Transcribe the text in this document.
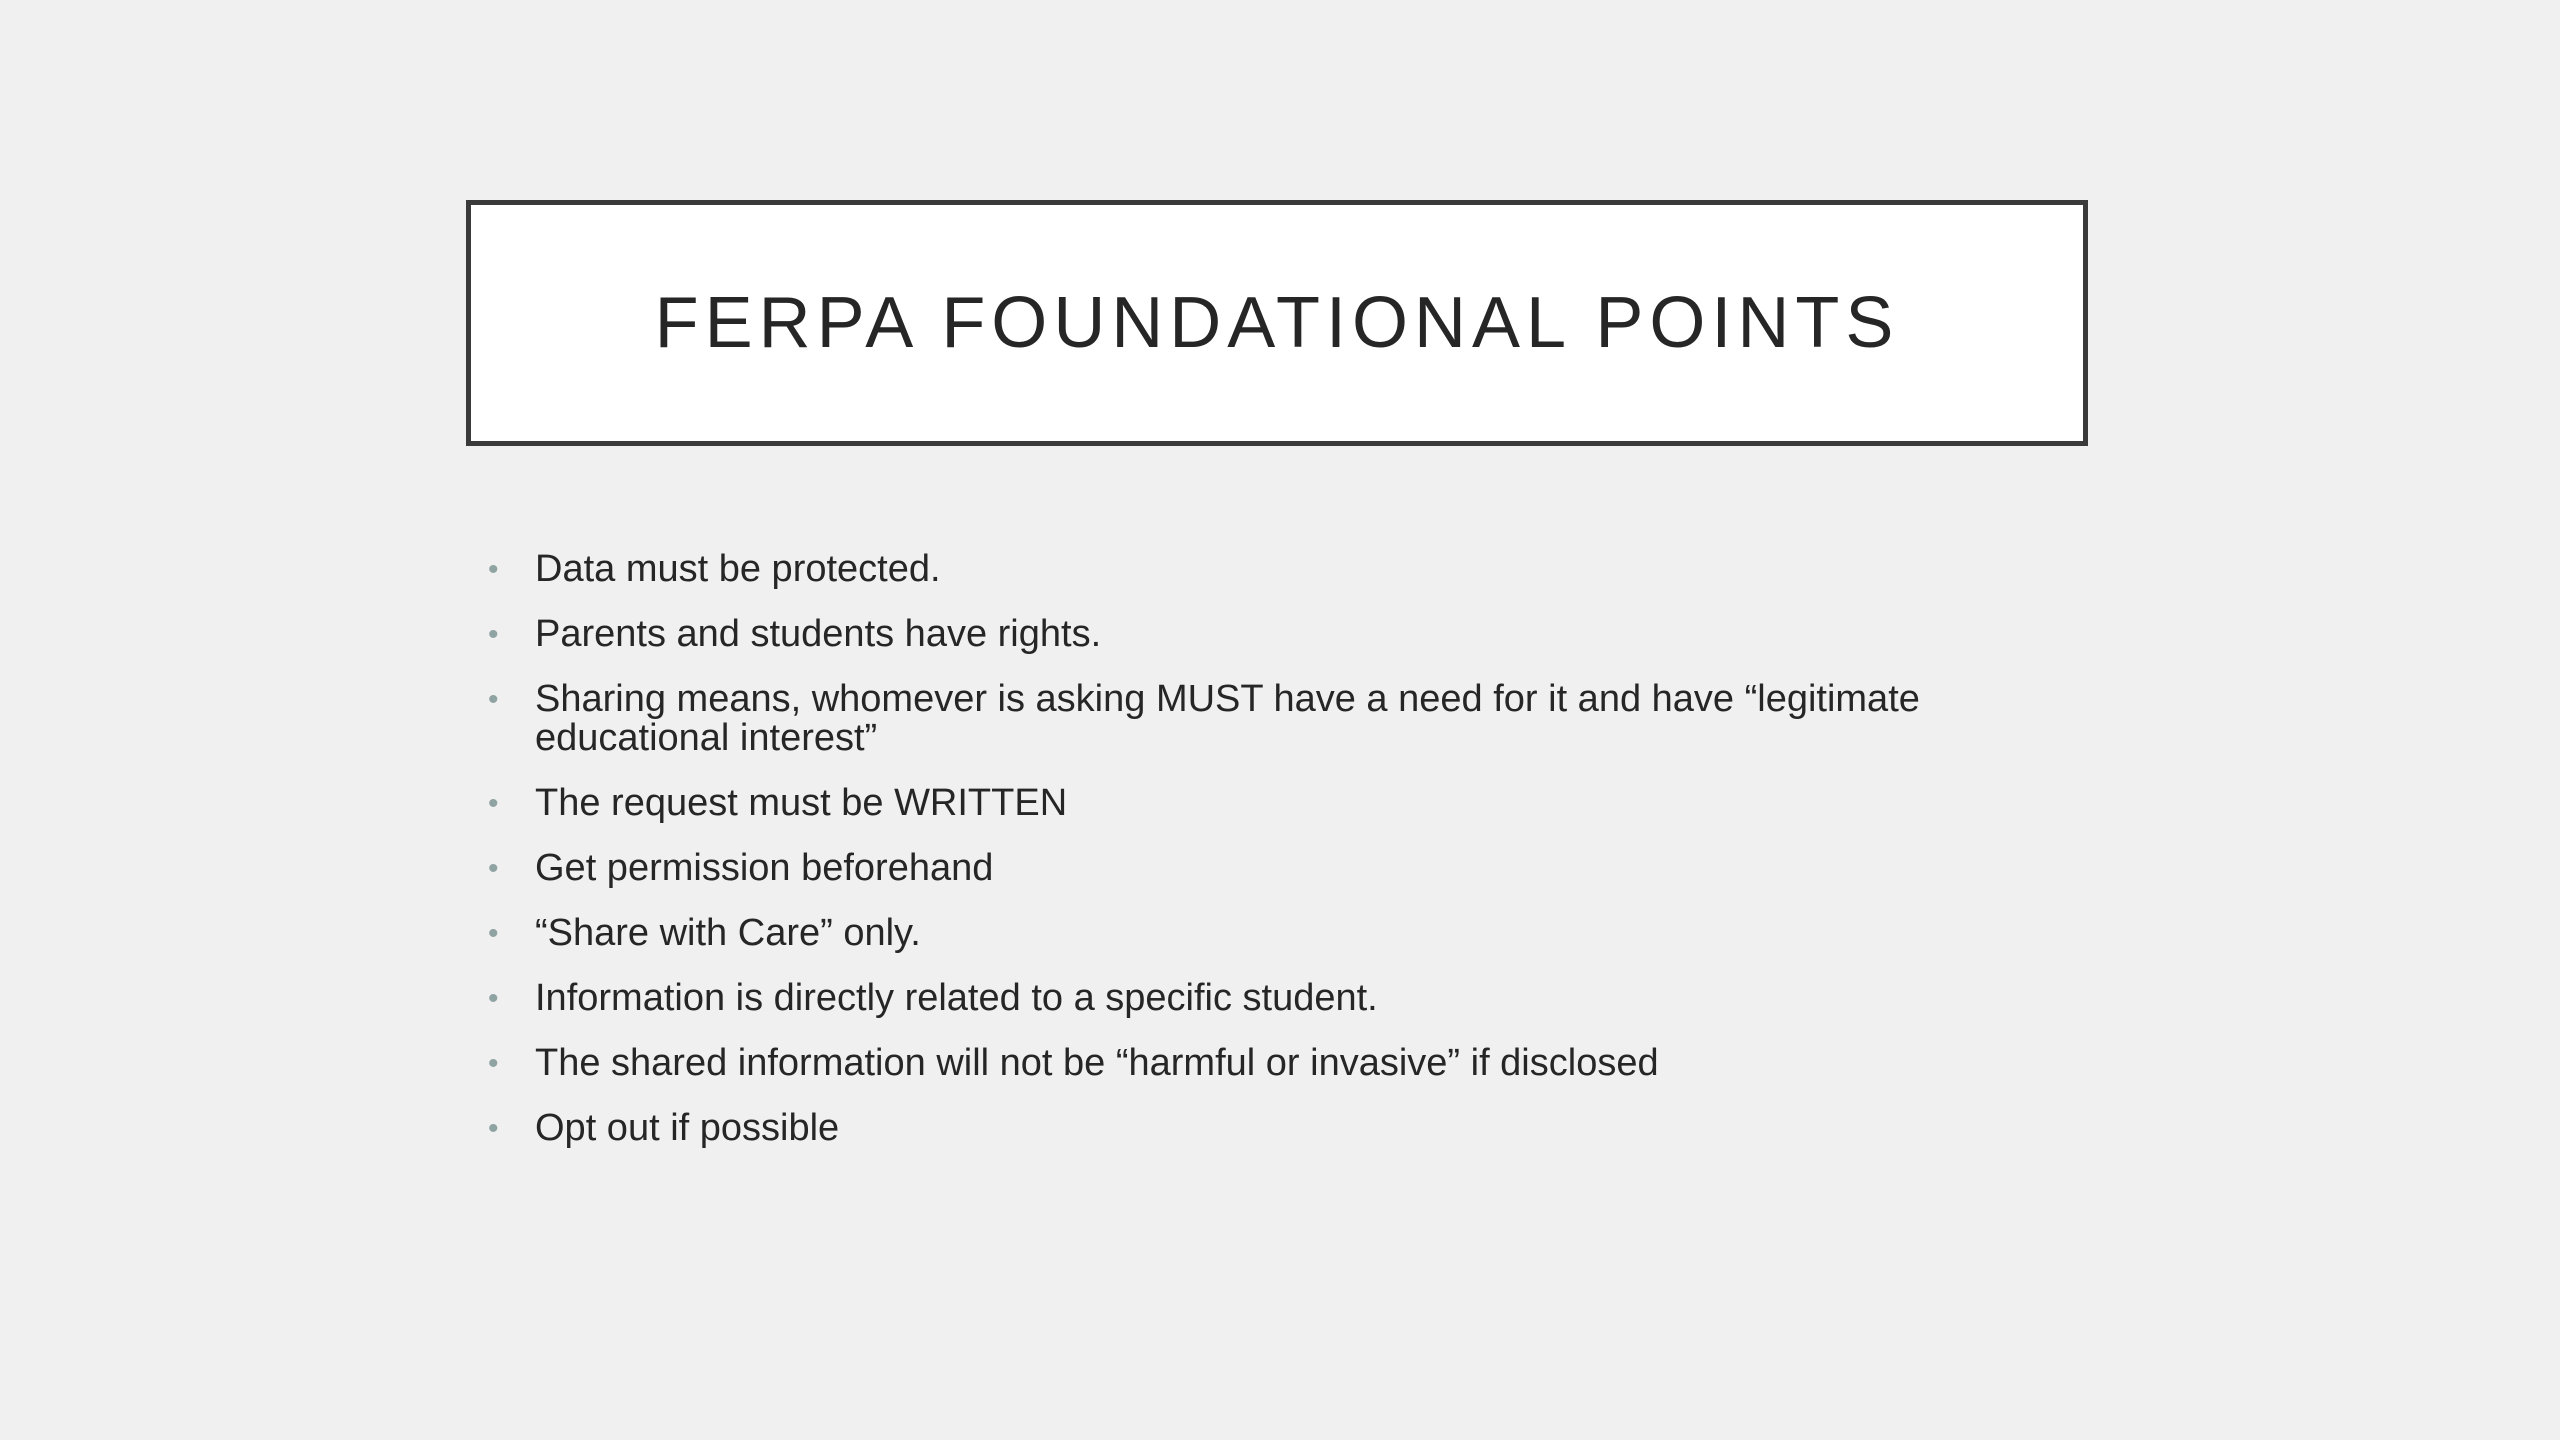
FERPA FOUNDATIONAL POINTS
• Data must be protected.
• Parents and students have rights.
• Sharing means, whomever is asking MUST have a need for it and have “legitimate educational interest”
• The request must be WRITTEN
• Get permission beforehand
• “Share with Care” only.
• Information is directly related to a specific student.
• The shared information will not be “harmful or invasive” if disclosed
• Opt out if possible
